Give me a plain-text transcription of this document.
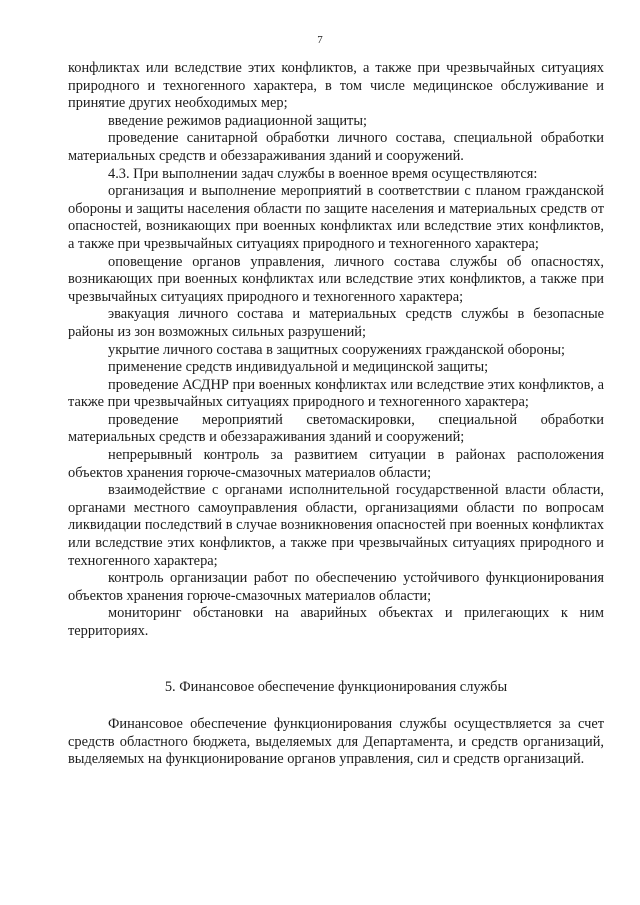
7

конфликтах или вследствие этих конфликтов, а также при чрезвычайных ситуациях природного и техногенного характера, в том числе медицинское обслуживание и принятие других необходимых мер;

введение режимов радиационной защиты;

проведение санитарной обработки личного состава, специальной обработки материальных средств и обеззараживания зданий и сооружений.

4.3. При выполнении задач службы в военное время осуществляются:

организация и выполнение мероприятий в соответствии с планом гражданской обороны и защиты населения области по защите населения и материальных средств от опасностей, возникающих при военных конфликтах или вследствие этих конфликтов, а также при чрезвычайных ситуациях природного и техногенного характера;

оповещение органов управления, личного состава службы об опасностях, возникающих при военных конфликтах или вследствие этих конфликтов, а также при чрезвычайных ситуациях природного и техногенного характера;

эвакуация личного состава и материальных средств службы в безопасные районы из зон возможных сильных разрушений;

укрытие личного состава в защитных сооружениях гражданской обороны;

применение средств индивидуальной и медицинской защиты;

проведение АСДНР при военных конфликтах или вследствие этих конфликтов, а также при чрезвычайных ситуациях природного и техногенного характера;

проведение мероприятий светомаскировки, специальной обработки материальных средств и обеззараживания зданий и сооружений;

непрерывный контроль за развитием ситуации в районах расположения объектов хранения горюче-смазочных материалов области;

взаимодействие с органами исполнительной государственной власти области, органами местного самоуправления области, организациями области по вопросам ликвидации последствий в случае возникновения опасностей при военных конфликтах или вследствие этих конфликтов, а также при чрезвычайных ситуациях природного и техногенного характера;

контроль организации работ по обеспечению устойчивого функционирования объектов хранения горюче-смазочных материалов области;

мониторинг обстановки на аварийных объектах и прилегающих к ним территориях.

5. Финансовое обеспечение функционирования службы

Финансовое обеспечение функционирования службы осуществляется за счет средств областного бюджета, выделяемых для Департамента, и средств организаций, выделяемых на функционирование органов управления, сил и средств организаций.
